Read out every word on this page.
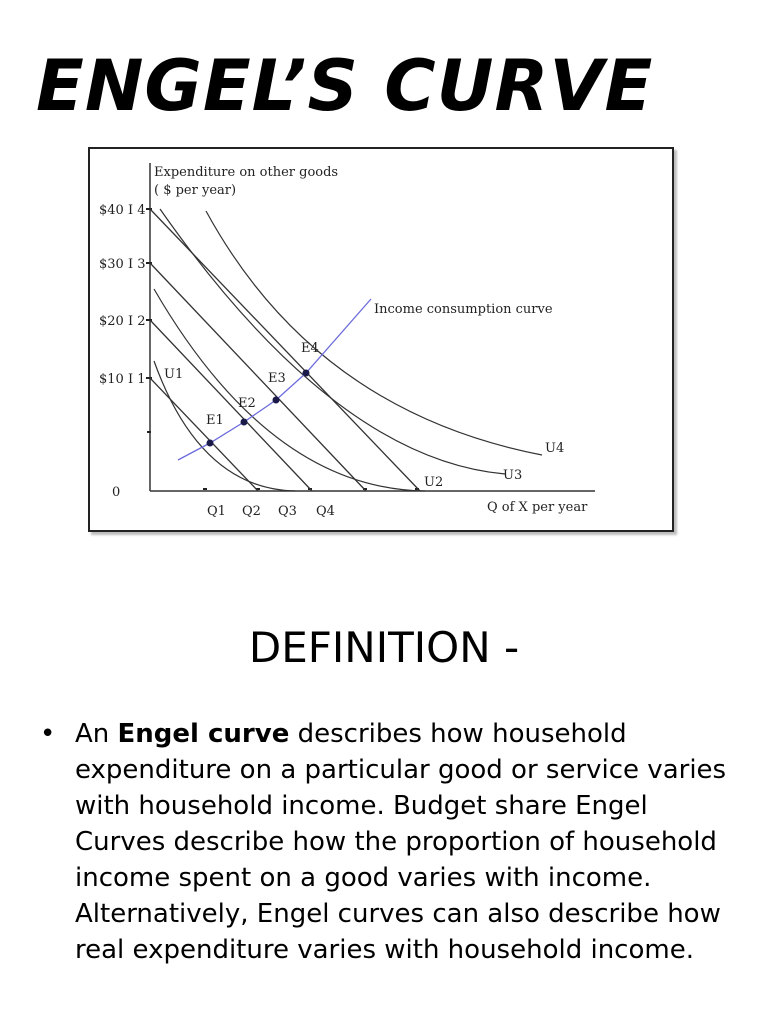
ENGEL’S CURVE
Expenditure on other goods
( $ per year)
Q of X per year
0
$40 I 4
$30 I 3
$20 I 2
$10 I 1
Q1 Q2 Q3 Q4
Income consumption curve
U1
U2	U3
U4
E1
E2
E3
E4
DEFINITION -
• An Engel curve describes how household expenditure on a particular good or service varies with household income. Budget share Engel Curves describe how the proportion of household income spent on a good varies with income. Alternatively, Engel curves can also describe how real expenditure varies with household income.
